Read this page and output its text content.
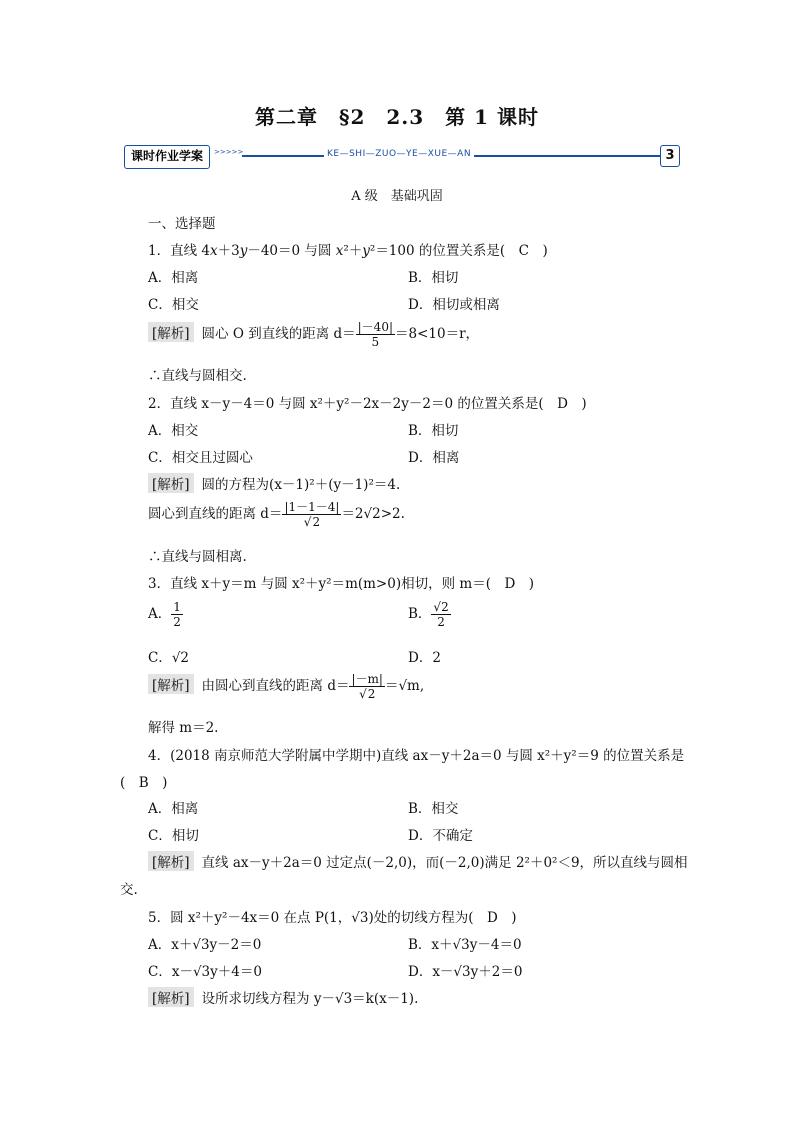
第二章　§2　2.3　第 1 课时
课时作业学案	>>>>>	KE—SHI—ZUO—YE—XUE—AN	3
A 级　基础巩固
一、选择题
1．直线 4x＋3y－40＝0 与圆 x²＋y²＝100 的位置关系是(　C　)
A．相离	B．相切
C．相交	D．相切或相离
[解析] 圆心 O 到直线的距离 $d= \frac{|-40|}{5} =8<10=r$，
∴直线与圆相交.
2．直线 x－y－4＝0 与圆 x²＋y²－2x－2y－2＝0 的位置关系是(　D　)
A．相交	B．相切
C．相交且过圆心	D．相离
[解析] 圆的方程为(x－1)²＋(y－1)²＝4.
圆心到直线的距离 $d= \frac{|1-1-4|}{√2} =2√2>2$.
∴直线与圆相离.
3．直线 x＋y＝m 与圆 x²＋y²＝m(m>0)相切，则 m＝(　D　)
A． $\frac{1}{2}$	B． $\frac{√2}{2}$
C．√2	D．2
[解析] 由圆心到直线的距离 $d= \frac{|-m|}{√2} =√m$,
解得 m＝2.
4．(2018 南京师范大学附属中学期中)直线 ax－y＋2a＝0 与圆 x²＋y²＝9 的位置关系是
(　B　)
A．相离	B．相交
C．相切	D．不确定
[解析] 直线 ax－y＋2a＝0 过定点(－2,0)，而(－2,0)满足 2²＋0²＜9，所以直线与圆相
交.
5．圆 x²＋y²－4x＝0 在点 P(1，√3)处的切线方程为(　D　)
A．x＋√3y－2＝0	B．x＋√3y－4＝0
C．x－√3y＋4＝0	D．x－√3y＋2＝0
[解析] 设所求切线方程为 y－√3＝k(x－1).
